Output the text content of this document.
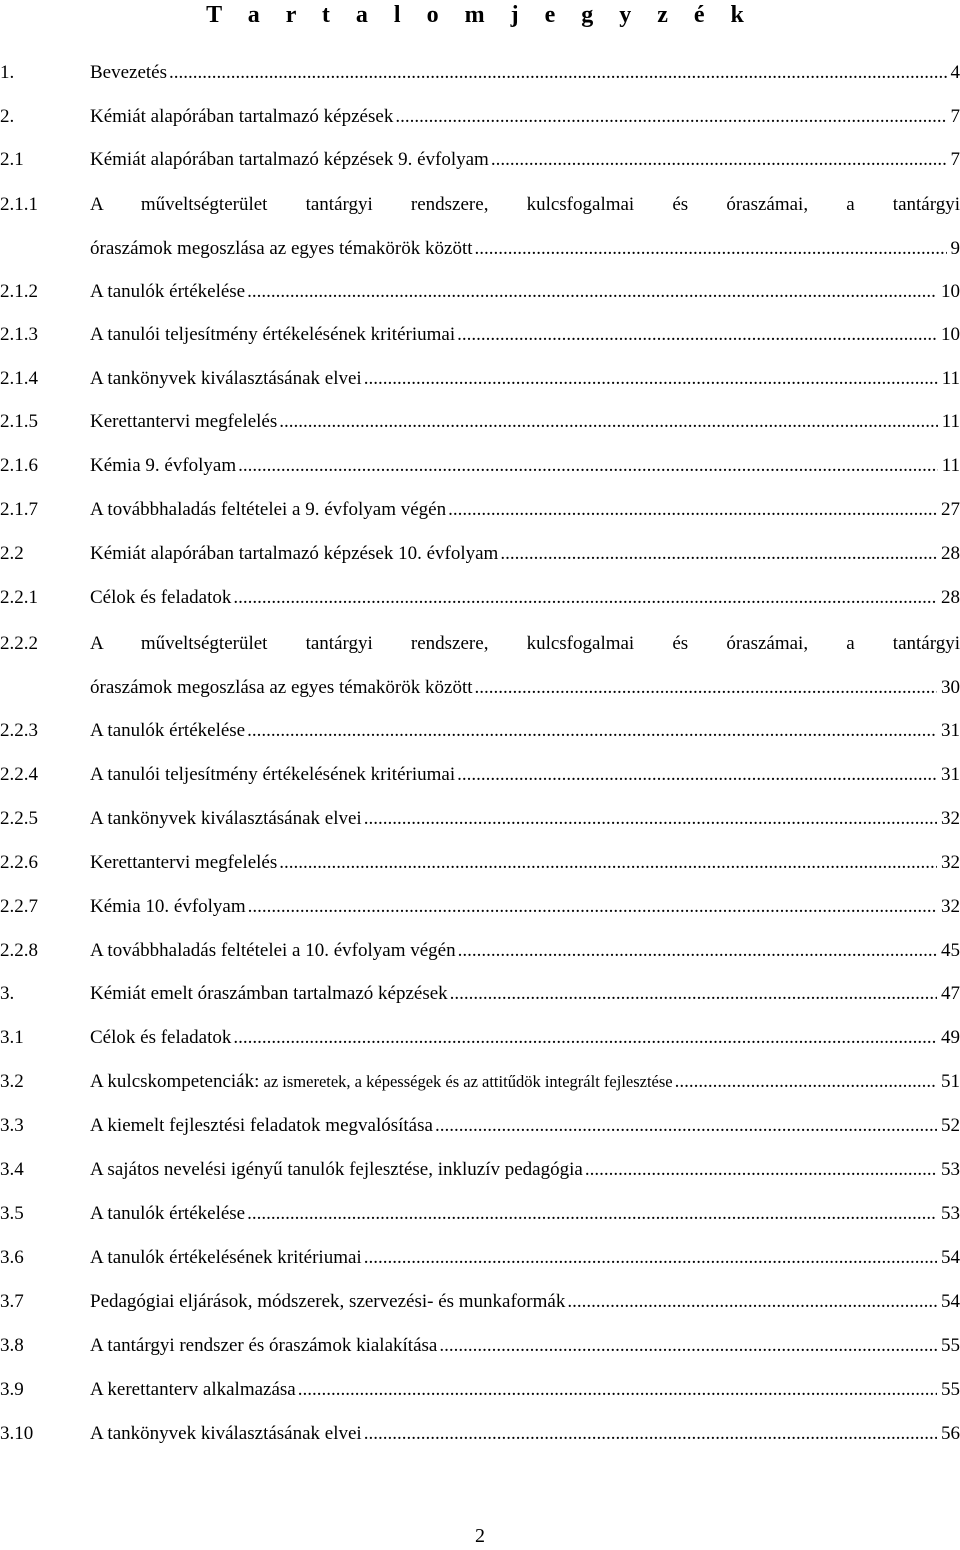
T a r t a l o m j e g y z é k
1.	Bevezetés .....	4
2.	Kémiát alapórában tartalmazó képzések .....	7
2.1	Kémiát alapórában tartalmazó képzések 9. évfolyam .....	7
2.1.1	A műveltségterület tantárgyi rendszere, kulcsfogalmai és óraszámai, a tantárgyi
óraszámok megoszlása az egyes témakörök között .....	9
2.1.2	A tanulók értékelése .....	10
2.1.3	A tanulói teljesítmény értékelésének kritériumai .....	10
2.1.4	A tankönyvek kiválasztásának elvei .....	11
2.1.5	Kerettantervi megfelelés .....	11
2.1.6	Kémia 9. évfolyam .....	11
2.1.7	A továbbhaladás feltételei a 9. évfolyam végén .....	27
2.2	Kémiát alapórában tartalmazó képzések 10. évfolyam .....	28
2.2.1	Célok és feladatok .....	28
2.2.2	A műveltségterület tantárgyi rendszere, kulcsfogalmai és óraszámai, a tantárgyi
óraszámok megoszlása az egyes témakörök között .....	30
2.2.3	A tanulók értékelése .....	31
2.2.4	A tanulói teljesítmény értékelésének kritériumai .....	31
2.2.5	A tankönyvek kiválasztásának elvei .....	32
2.2.6	Kerettantervi megfelelés .....	32
2.2.7	Kémia 10. évfolyam .....	32
2.2.8	A továbbhaladás feltételei a 10. évfolyam végén .....	45
3.	Kémiát emelt óraszámban tartalmazó képzések .....	47
3.1	Célok és feladatok .....	49
3.2	A kulcskompetenciák: az ismeretek, a képességek és az attitűdök integrált fejlesztése .....	51
3.3	A kiemelt fejlesztési feladatok megvalósítása .....	52
3.4	A sajátos nevelési igényű tanulók fejlesztése, inkluzív pedagógia .....	53
3.5	A tanulók értékelése .....	53
3.6	A tanulók értékelésének kritériumai .....	54
3.7	Pedagógiai eljárások, módszerek, szervezési- és munkaformák .....	54
3.8	A tantárgyi rendszer és óraszámok kialakítása .....	55
3.9	A kerettanterv alkalmazása .....	55
3.10	A tankönyvek kiválasztásának elvei .....	56
2
